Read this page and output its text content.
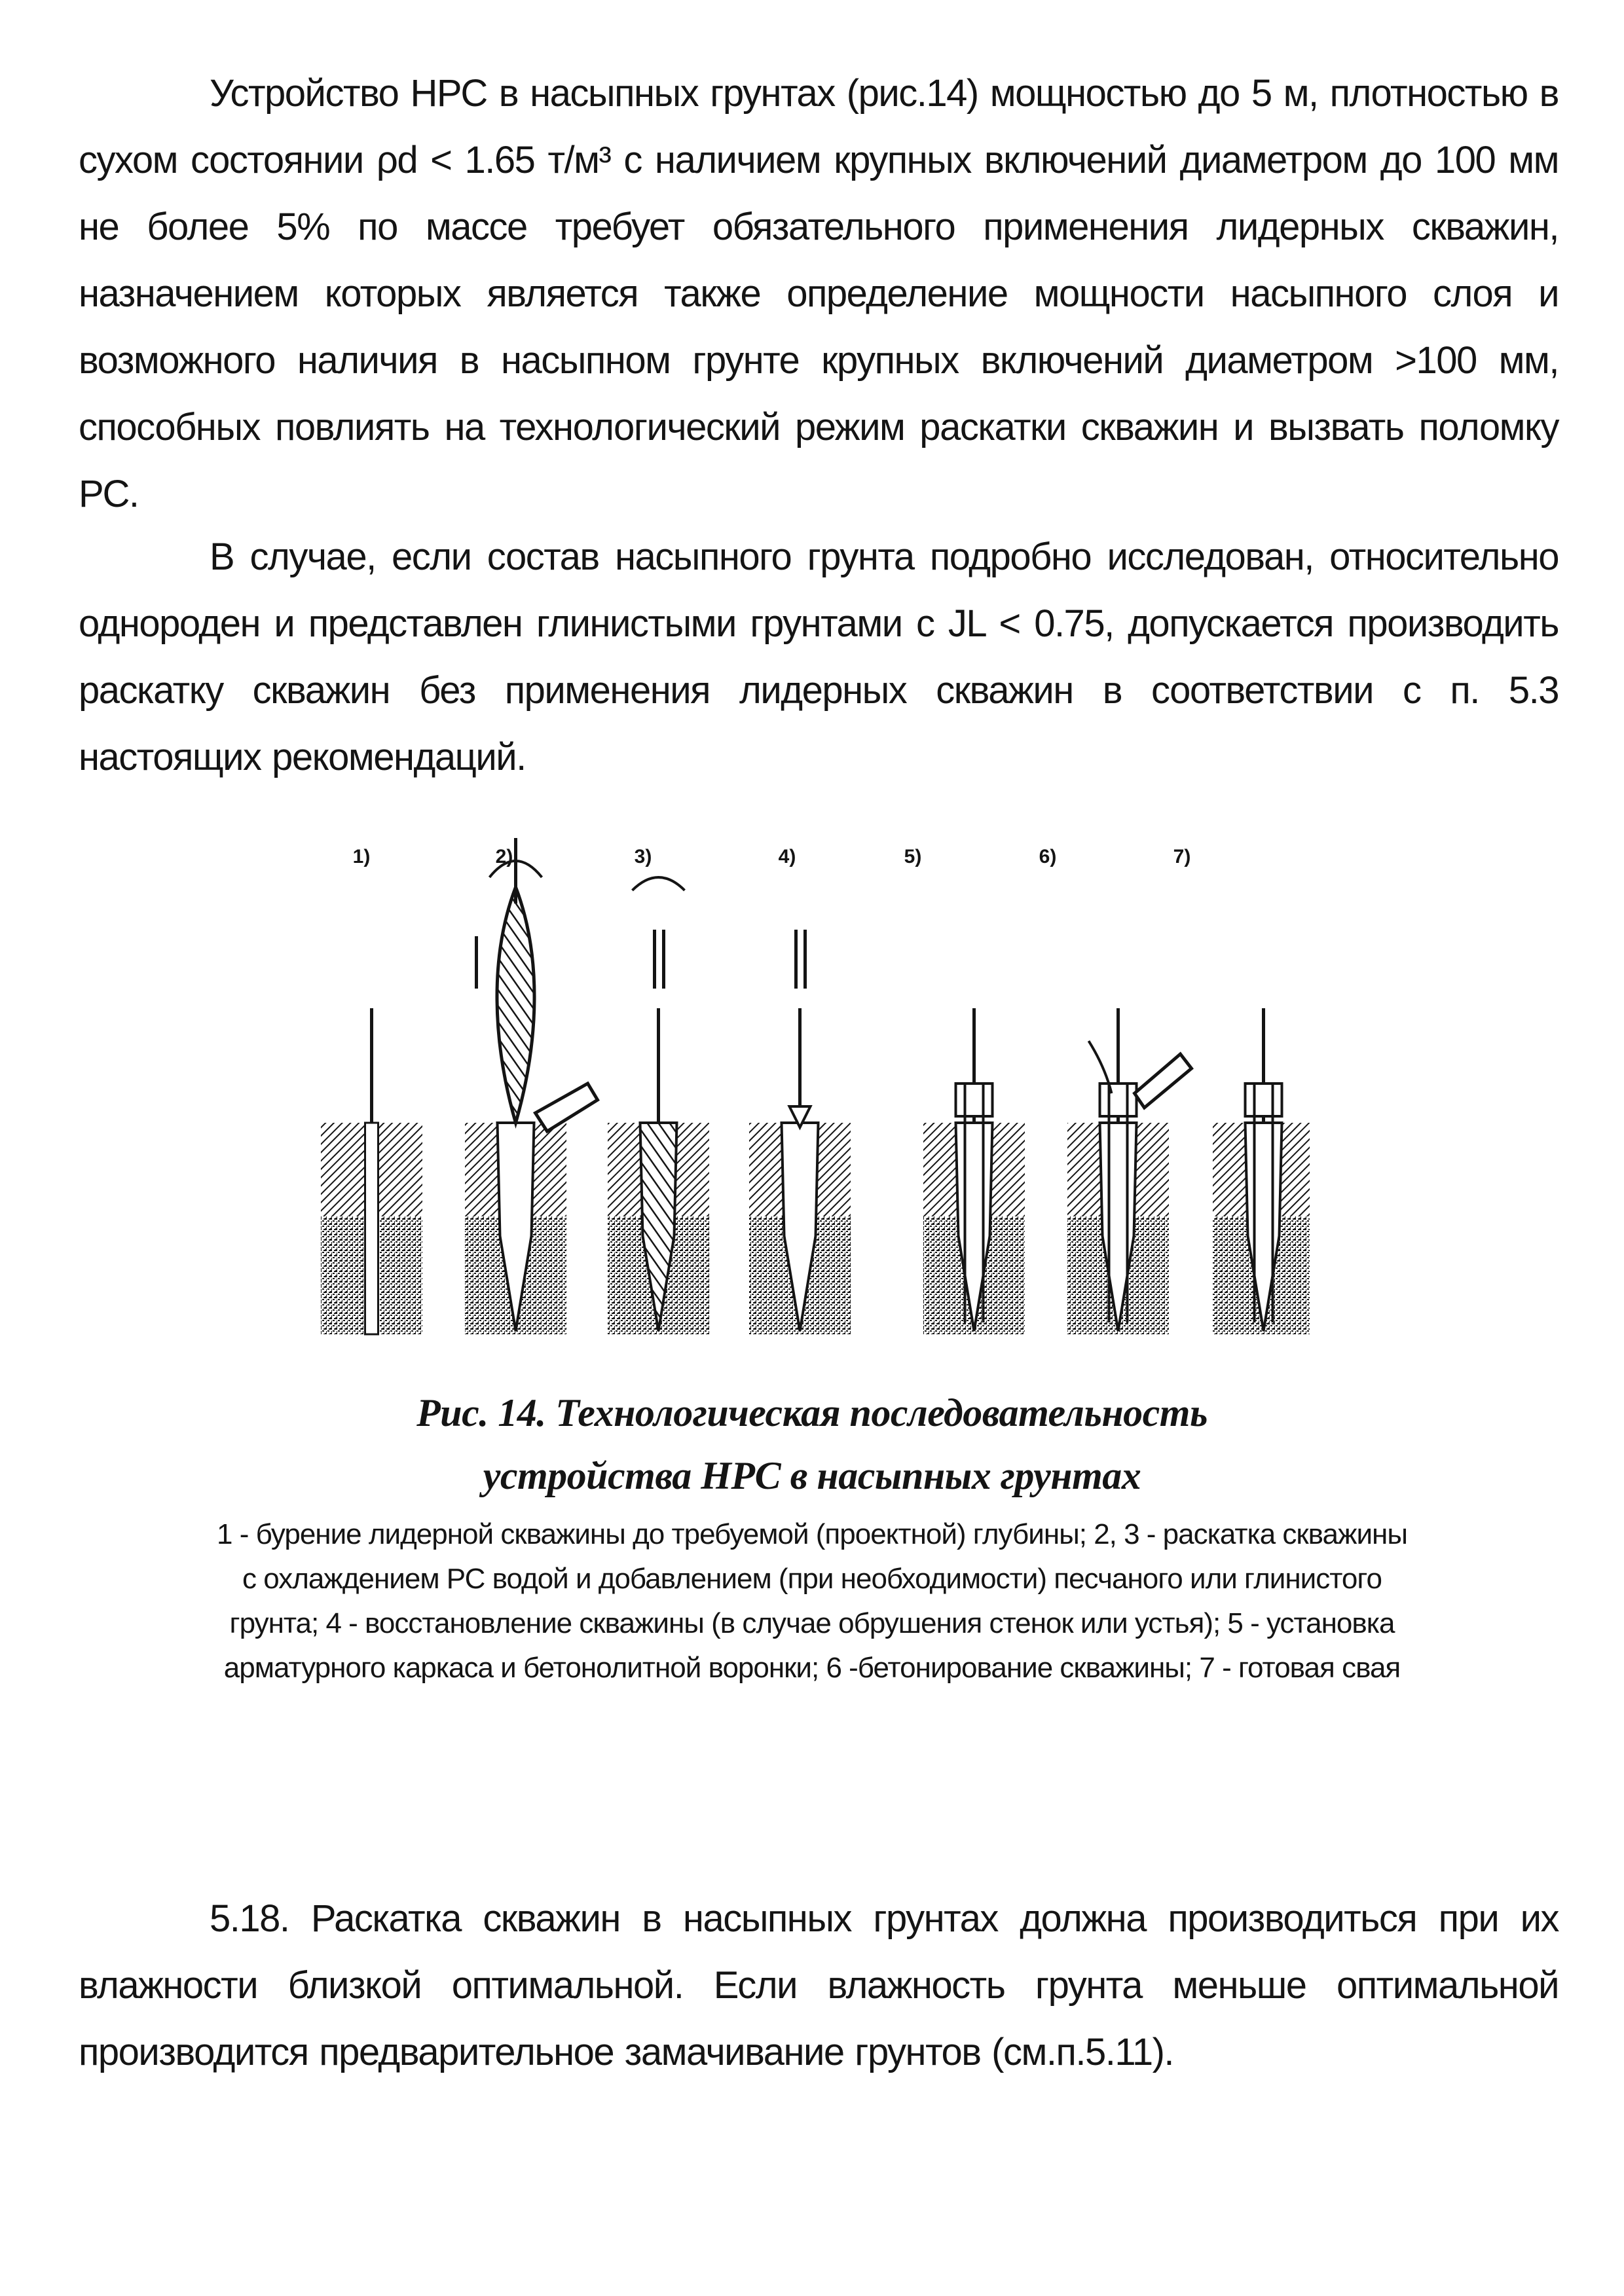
Устройство НРС в насыпных грунтах (рис.14) мощностью до 5 м, плотностью в сухом состоянии ρd < 1.65 т/м³ с наличием крупных включений диаметром до 100 мм не более 5% по массе требует обязательного применения лидерных скважин, назначением которых является также определение мощности насыпного слоя и возможного наличия в насыпном грунте крупных включений диаметром >100 мм, способных повлиять на технологический режим раскатки скважин и вызвать поломку РС.

В случае, если состав насыпного грунта подробно исследован, относительно однороден и представлен глинистыми грунтами с JL < 0.75, допускается производить раскатку скважин без применения лидерных скважин в соответствии с п. 5.3 настоящих рекомендаций.

1)	2)	3)	4)	5)	6)	7)
Рис. 14. Технологическая последовательность
устройства НРС в насыпных грунтах
1 - бурение лидерной скважины до требуемой (проектной) глубины; 2, 3 - раскатка скважины с охлаждением РС водой и добавлением (при необходимости) песчаного или глинистого грунта; 4 - восстановление скважины (в случае обрушения стенок или устья); 5 - установка арматурного каркаса и бетонолитной воронки; 6 -бетонирование скважины; 7 - готовая свая

5.18. Раскатка скважин в насыпных грунтах должна производиться при их влажности близкой оптимальной. Если влажность грунта меньше оптимальной производится предварительное замачивание грунтов (см.п.5.11).
